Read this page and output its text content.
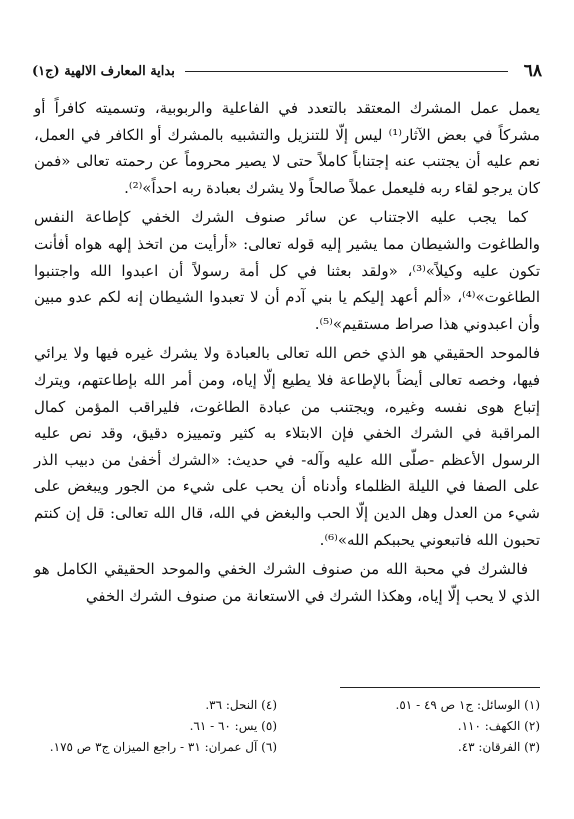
٦٨
بداية المعارف الالهية (ج١)

يعمل عمل المشرك المعتقد بالتعدد في الفاعلية والربوبية، وتسميته كافراً أو مشركاً في بعض الآثار⁽¹⁾ ليس إلّا للتنزيل والتشبيه بالمشرك أو الكافر في العمل، نعم عليه أن يجتنب عنه إجتناباً كاملاً حتى لا يصير محروماً عن رحمته تعالى «فمن كان يرجو لقاء ربه فليعمل عملاً صالحاً ولا يشرك بعبادة ربه احداً»⁽²⁾.

كما يجب عليه الاجتناب عن سائر صنوف الشرك الخفي كإطاعة النفس والطاغوت والشيطان مما يشير إليه قوله تعالى: «أرأيت من اتخذ إلهه هواه أفأنت تكون عليه وكيلاً»⁽³⁾، «ولقد بعثنا في كل أمة رسولاً أن اعبدوا الله واجتنبوا الطاغوت»⁽⁴⁾، «ألم أعهد إليكم يا بني آدم أن لا تعبدوا الشيطان إنه لكم عدو مبين وأن اعبدوني هذا صراط مستقيم»⁽⁵⁾.

فالموحد الحقيقي هو الذي خص الله تعالى بالعبادة ولا يشرك غيره فيها ولا يرائي فيها، وخصه تعالى أيضاً بالإطاعة فلا يطيع إلّا إياه، ومن أمر الله بإطاعتهم، ويترك إتباع هوى نفسه وغيره، ويجتنب من عبادة الطاغوت، فليراقب المؤمن كمال المراقبة في الشرك الخفي فإن الابتلاء به كثير وتمييزه دقيق، وقد نص عليه الرسول الأعظم -صلّى الله عليه وآله- في حديث: «الشرك أخفىٰ من دبيب الذر على الصفا في الليلة الظلماء وأدناه أن يحب على شيء من الجور ويبغض على شيء من العدل وهل الدين إلّا الحب والبغض في الله، قال الله تعالى: قل إن كنتم تحبون الله فاتبعوني يحببكم الله»⁽⁶⁾.

فالشرك في محبة الله من صنوف الشرك الخفي والموحد الحقيقي الكامل هو الذي لا يحب إلّا إياه، وهكذا الشرك في الاستعانة من صنوف الشرك الخفي

(١) الوسائل: ج١ ص ٤٩ - ٥١.
(٢) الكهف: ١١٠.
(٣) الفرقان: ٤٣.
(٤) النحل: ٣٦.
(٥) يس: ٦٠ - ٦١.
(٦) آل عمران: ٣١ - راجع الميزان ج٣ ص ١٧٥.
